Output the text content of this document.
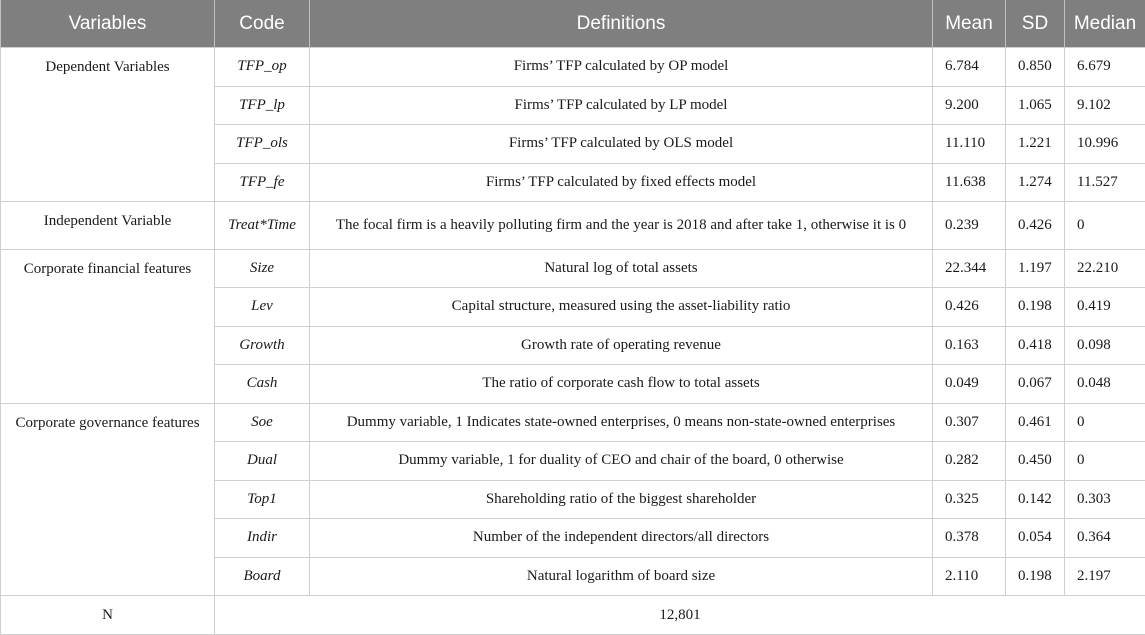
Variables	Code	Definitions	Mean	SD	Median
Dependent Variables	TFP_op	Firms’ TFP calculated by OP model	6.784	0.850	6.679
	TFP_lp	Firms’ TFP calculated by LP model	9.200	1.065	9.102
	TFP_ols	Firms’ TFP calculated by OLS model	11.110	1.221	10.996
	TFP_fe	Firms’ TFP calculated by fixed effects model	11.638	1.274	11.527
Independent Variable	Treat*Time	The focal firm is a heavily polluting firm and the year is 2018 and after take 1, otherwise it is 0	0.239	0.426	0
Corporate financial features	Size	Natural log of total assets	22.344	1.197	22.210
	Lev	Capital structure, measured using the asset-liability ratio	0.426	0.198	0.419
	Growth	Growth rate of operating revenue	0.163	0.418	0.098
	Cash	The ratio of corporate cash flow to total assets	0.049	0.067	0.048
Corporate governance features	Soe	Dummy variable, 1 Indicates state-owned enterprises, 0 means non-state-owned enterprises	0.307	0.461	0
	Dual	Dummy variable, 1 for duality of CEO and chair of the board, 0 otherwise	0.282	0.450	0
	Top1	Shareholding ratio of the biggest shareholder	0.325	0.142	0.303
	Indir	Number of the independent directors/all directors	0.378	0.054	0.364
	Board	Natural logarithm of board size	2.110	0.198	2.197
N	12,801				
